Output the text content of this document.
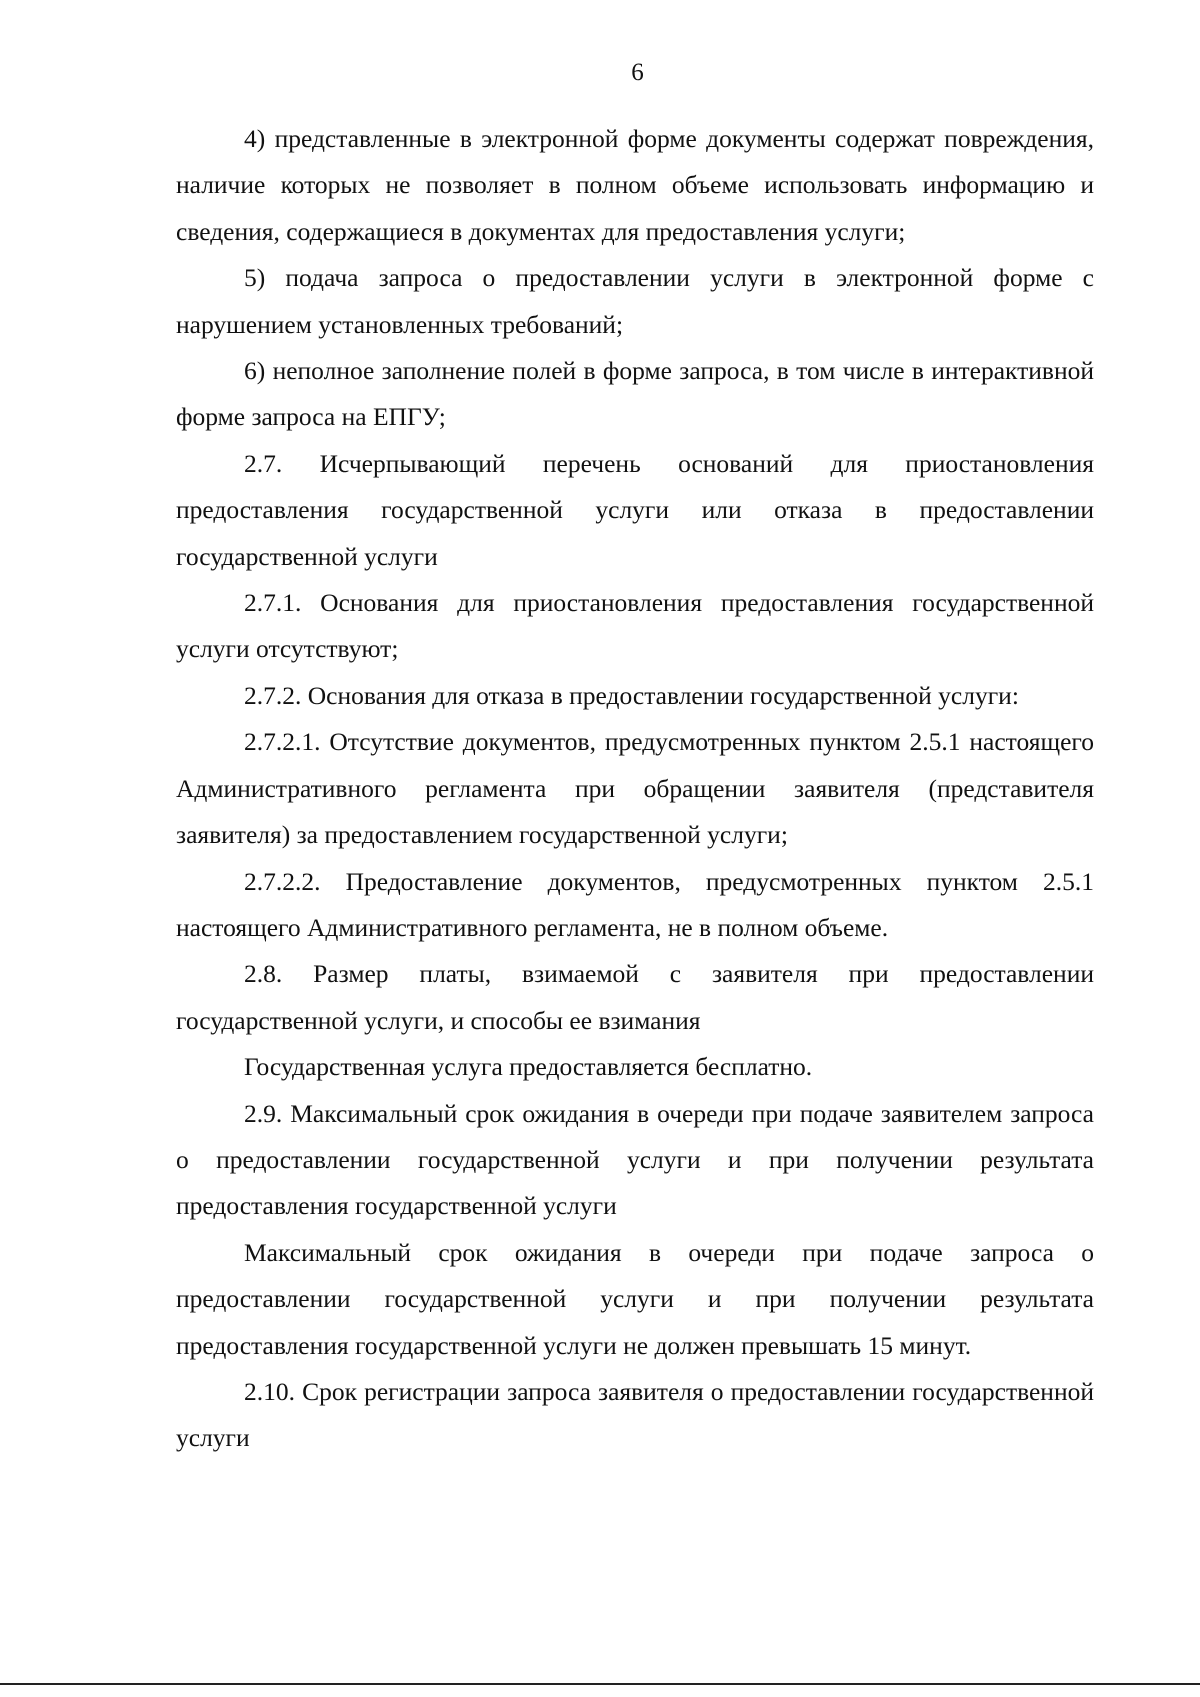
6

4) представленные в электронной форме документы содержат повреждения, наличие которых не позволяет в полном объеме использовать информацию и сведения, содержащиеся в документах для предоставления услуги;

5) подача запроса о предоставлении услуги в электронной форме с нарушением установленных требований;

6) неполное заполнение полей в форме запроса, в том числе в интерактивной форме запроса на ЕПГУ;

2.7. Исчерпывающий перечень оснований для приостановления предоставления государственной услуги или отказа в предоставлении государственной услуги

2.7.1. Основания для приостановления предоставления государственной услуги отсутствуют;

2.7.2. Основания для отказа в предоставлении государственной услуги:

2.7.2.1. Отсутствие документов, предусмотренных пунктом 2.5.1 настоящего Административного регламента при обращении заявителя (представителя заявителя) за предоставлением государственной услуги;

2.7.2.2. Предоставление документов, предусмотренных пунктом 2.5.1 настоящего Административного регламента, не в полном объеме.

2.8. Размер платы, взимаемой с заявителя при предоставлении государственной услуги, и способы ее взимания

Государственная услуга предоставляется бесплатно.

2.9. Максимальный срок ожидания в очереди при подаче заявителем запроса о предоставлении государственной услуги и при получении результата предоставления государственной услуги

Максимальный срок ожидания в очереди при подаче запроса о предоставлении государственной услуги и при получении результата предоставления государственной услуги не должен превышать 15 минут.

2.10. Срок регистрации запроса заявителя о предоставлении государственной услуги
